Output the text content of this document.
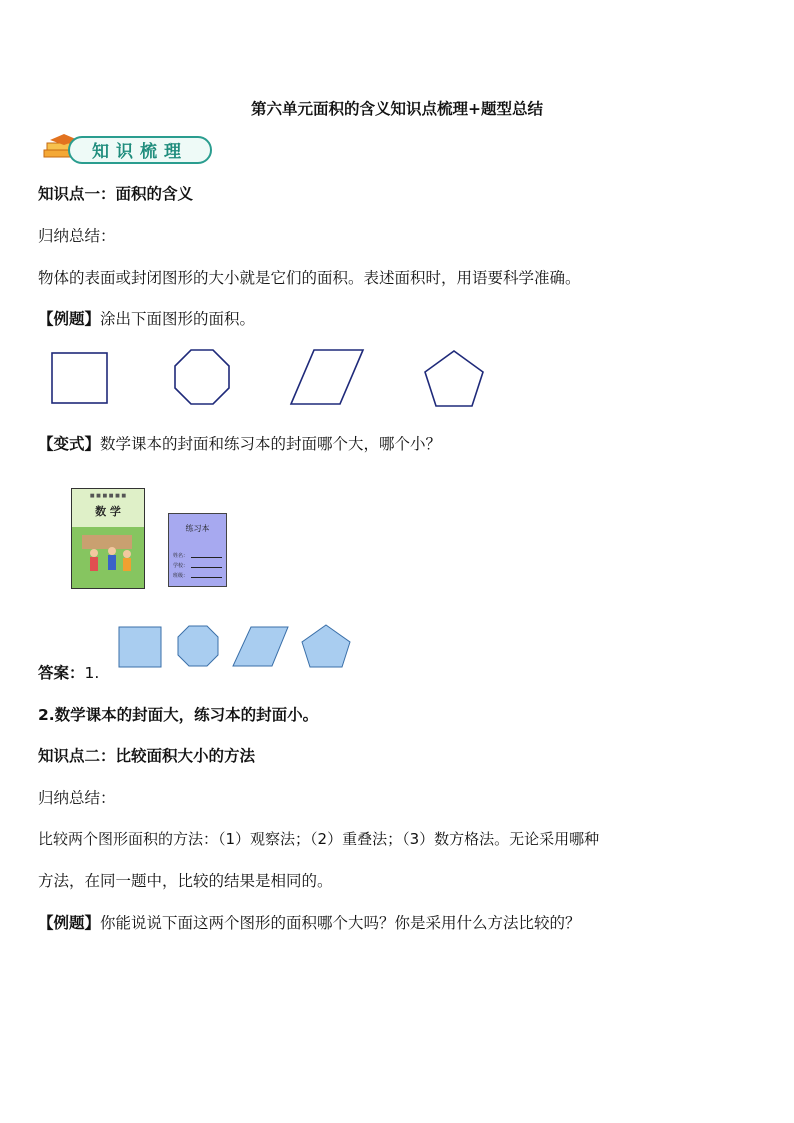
第六单元面积的含义知识点梳理+题型总结
知识梳理
知识点一：面积的含义
归纳总结：
物体的表面或封闭图形的大小就是它们的面积。表述面积时，用语要科学准确。
【例题】涂出下面图形的面积。
【变式】数学课本的封面和练习本的封面哪个大，哪个小？
■ ■ ■ ■ ■ ■
数 学
练习本
姓名：
学校：
班级：
答案：1.
2.数学课本的封面大，练习本的封面小。
知识点二：比较面积大小的方法
归纳总结：
比较两个图形面积的方法：（1）观察法；（2）重叠法；（3）数方格法。无论采用哪种
方法，在同一题中，比较的结果是相同的。
【例题】你能说说下面这两个图形的面积哪个大吗？你是采用什么方法比较的？
